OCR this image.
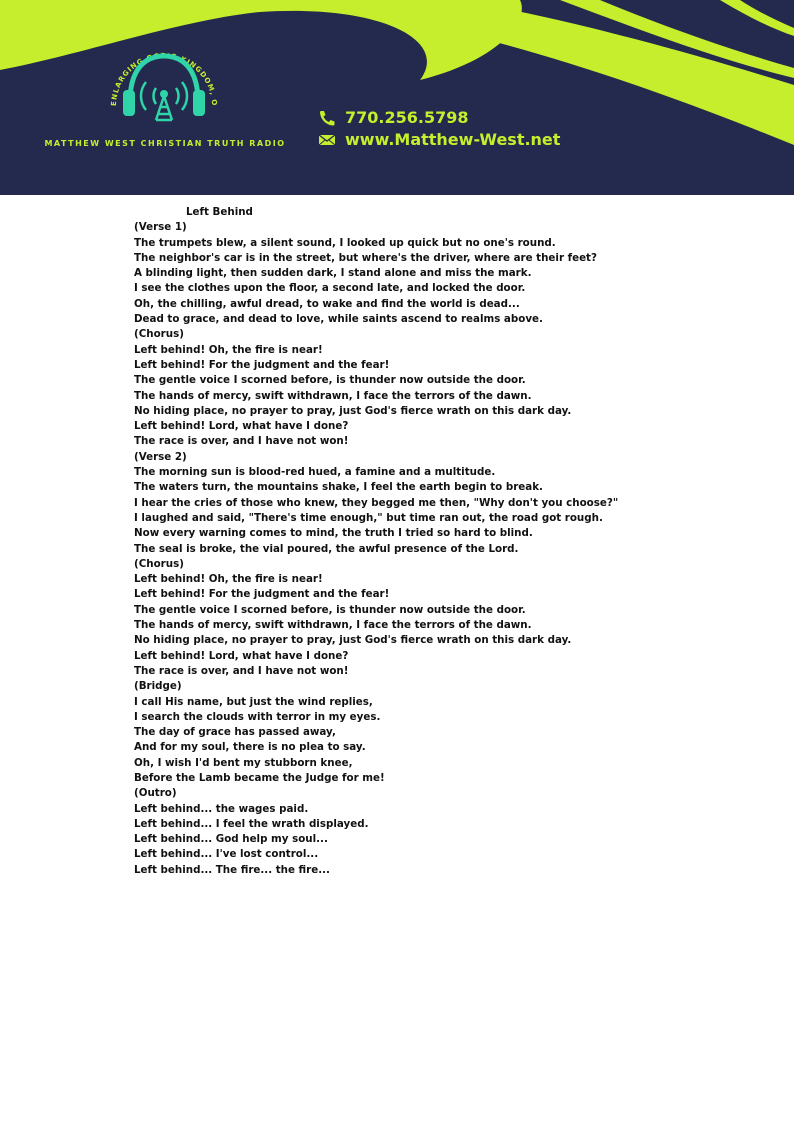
ENLARGING GOD'S KINGDOM, O
MATTHEW WEST CHRISTIAN TRUTH RADIO
770.256.5798
www.Matthew-West.net
Left Behind
(Verse 1)
The trumpets blew, a silent sound, I looked up quick but no one's round.
The neighbor's car is in the street, but where's the driver, where are their feet?
A blinding light, then sudden dark, I stand alone and miss the mark.
I see the clothes upon the floor, a second late, and locked the door.
Oh, the chilling, awful dread, to wake and find the world is dead...
Dead to grace, and dead to love, while saints ascend to realms above.
(Chorus)
Left behind! Oh, the fire is near!
Left behind! For the judgment and the fear!
The gentle voice I scorned before, is thunder now outside the door.
The hands of mercy, swift withdrawn, I face the terrors of the dawn.
No hiding place, no prayer to pray, just God's fierce wrath on this dark day.
Left behind! Lord, what have I done?
The race is over, and I have not won!
(Verse 2)
The morning sun is blood-red hued, a famine and a multitude.
The waters turn, the mountains shake, I feel the earth begin to break.
I hear the cries of those who knew, they begged me then, "Why don't you choose?"
I laughed and said, "There's time enough," but time ran out, the road got rough.
Now every warning comes to mind, the truth I tried so hard to blind.
The seal is broke, the vial poured, the awful presence of the Lord.
(Chorus)
Left behind! Oh, the fire is near!
Left behind! For the judgment and the fear!
The gentle voice I scorned before, is thunder now outside the door.
The hands of mercy, swift withdrawn, I face the terrors of the dawn.
No hiding place, no prayer to pray, just God's fierce wrath on this dark day.
Left behind! Lord, what have I done?
The race is over, and I have not won!
(Bridge)
I call His name, but just the wind replies,
I search the clouds with terror in my eyes.
The day of grace has passed away,
And for my soul, there is no plea to say.
Oh, I wish I'd bent my stubborn knee,
Before the Lamb became the Judge for me!
(Outro)
Left behind... the wages paid.
Left behind... I feel the wrath displayed.
Left behind... God help my soul...
Left behind... I've lost control...
Left behind... The fire... the fire...
